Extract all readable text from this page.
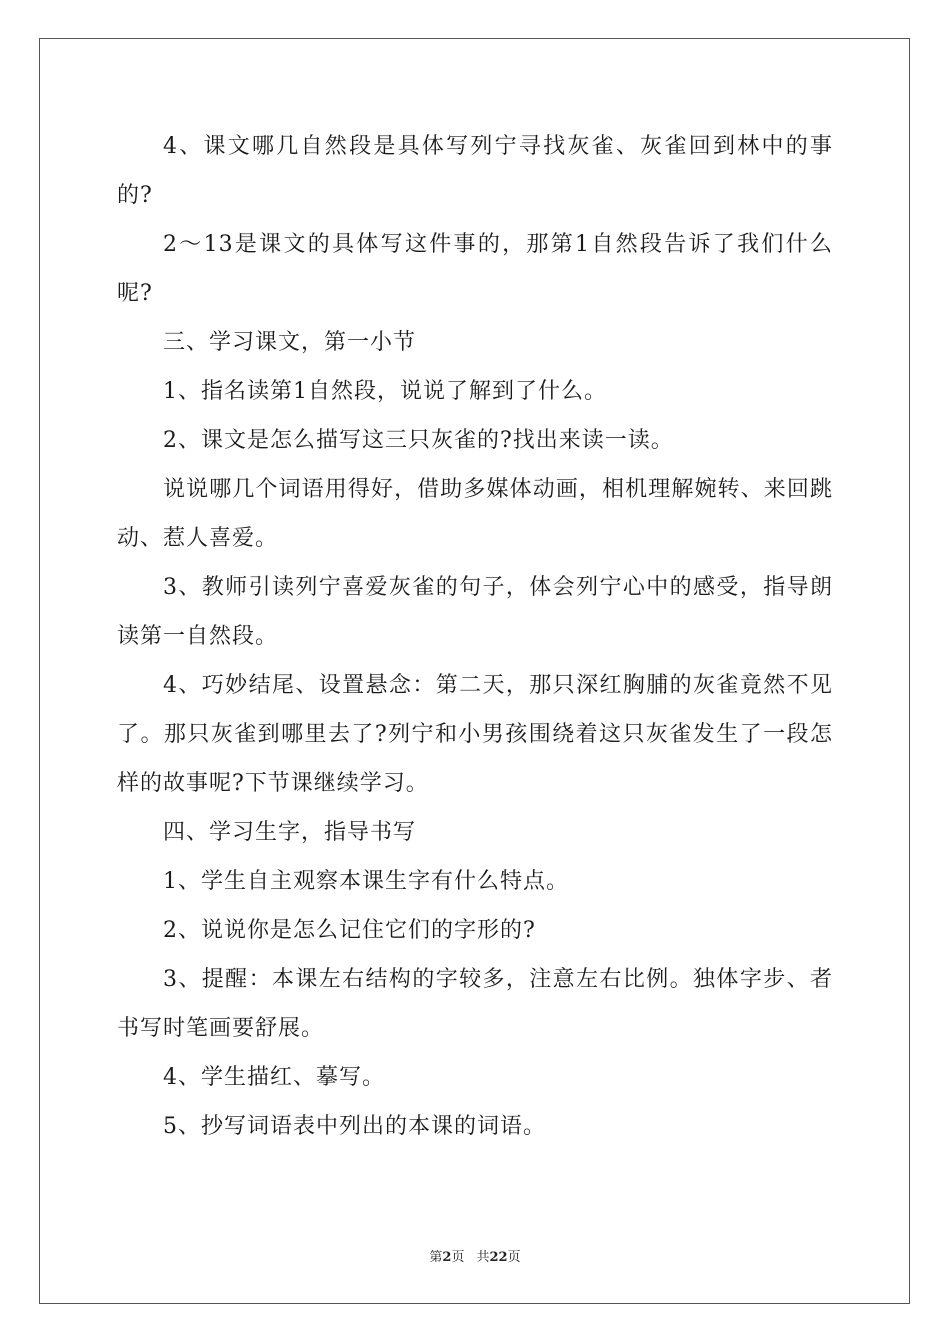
4、课文哪几自然段是具体写列宁寻找灰雀、灰雀回到林中的事的?

2～13是课文的具体写这件事的，那第1自然段告诉了我们什么呢?

三、学习课文，第一小节

1、指名读第1自然段，说说了解到了什么。

2、课文是怎么描写这三只灰雀的?找出来读一读。

说说哪几个词语用得好，借助多媒体动画，相机理解婉转、来回跳动、惹人喜爱。

3、教师引读列宁喜爱灰雀的句子，体会列宁心中的感受，指导朗读第一自然段。

4、巧妙结尾、设置悬念：第二天，那只深红胸脯的灰雀竟然不见了。那只灰雀到哪里去了?列宁和小男孩围绕着这只灰雀发生了一段怎样的故事呢?下节课继续学习。

四、学习生字，指导书写

1、学生自主观察本课生字有什么特点。

2、说说你是怎么记住它们的字形的?

3、提醒：本课左右结构的字较多，注意左右比例。独体字步、者书写时笔画要舒展。

4、学生描红、摹写。

5、抄写词语表中列出的本课的词语。

第2页 共22页
